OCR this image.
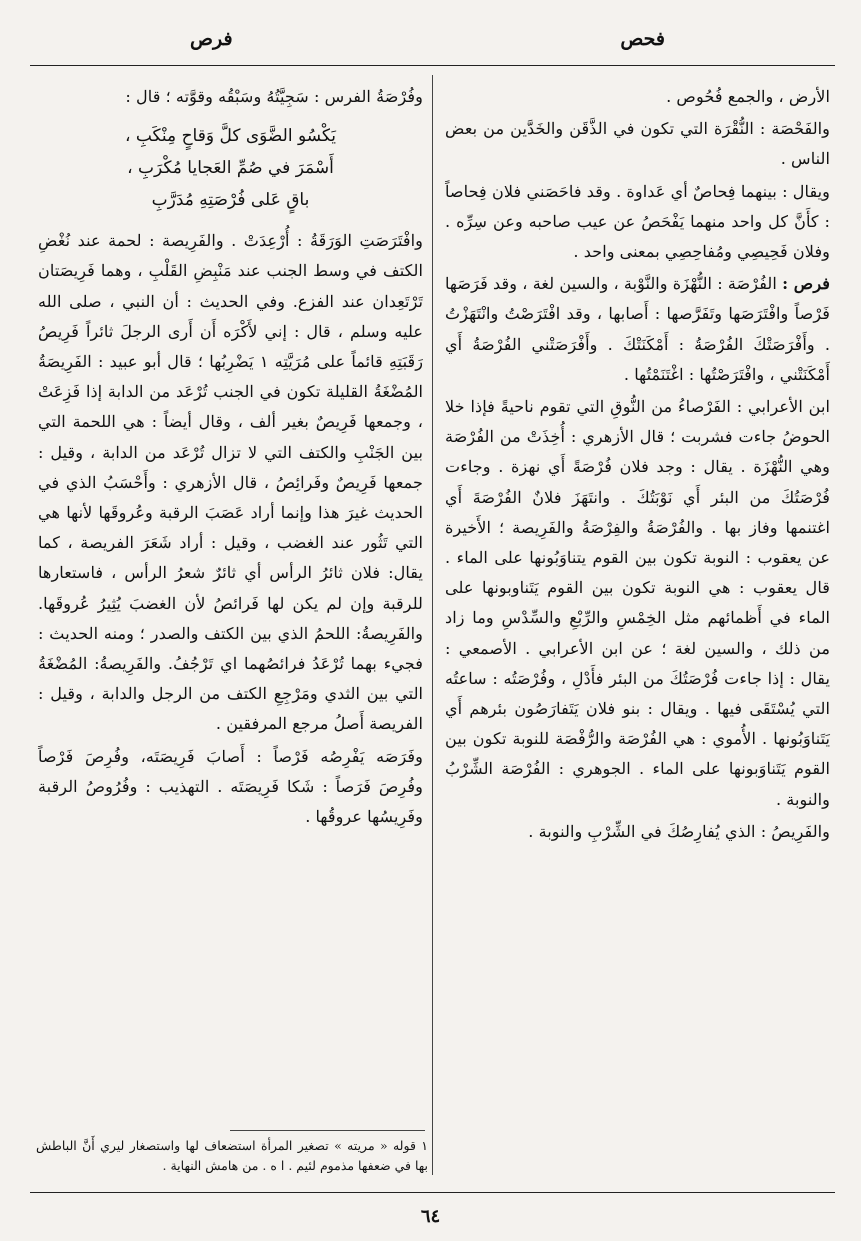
فحص
فرص

الأرض ، والجمع فُحُوص .

والفَحْصَة : النُّقْرَة التي تكون في الذَّقَن والخَدَّين من بعض الناس .

ويقال : بينهما فِحاصٌ أي عَداوة . وقد فاحَصَني فلان فِحاصاً : كأَنَّ كل واحد منهما يَفْحَصُ عن عيب صاحبه وعن سِرِّه . وفلان فَحِيصِي ومُفاحِصِي بمعنى واحد .

فرص : الفُرْصَة : النُّهْزَة والنَّوْبة ، والسين لغة ، وقد فَرَصَها فَرْصاً وافْتَرَصَها وتَفَرَّصها : أَصابها ، وقد افْتَرَصْتُ وانْتَهَزْتُ . وأَفْرَصَتْكَ الفُرْصَةُ : أَمْكَنَتْكَ . وأَفْرَصَتْني الفُرْصَةُ أَي أَمْكَنَتْني ، وافْتَرَصْتُها : اغْتَنَمْتُها .

ابن الأعرابي : الفَرْصاءُ من النُّوقِ التي تقوم ناحيةً فإذا خلا الحوضُ جاءت فشربت ؛ قال الأزهري : أُخِذَتْ من الفُرْصَة وهي النُّهْزَة . يقال : وجد فلان فُرْصَةً أَي نهزة . وجاءت فُرْصَتُكَ من البئر أَي نَوْبَتُكَ . وانتَهَزَ فلانٌ الفُرْصَةَ أَي اغتنمها وفاز بها . والفُرْصَةُ والفِرْصَةُ والفَرِيصة ؛ الأَخيرة عن يعقوب : النوبة تكون بين القوم يتناوَبُونها على الماء . قال يعقوب : هي النوبة تكون بين القوم يَتَناوبونها على الماء في أَظمائهم مثل الخِمْسِ والرِّبْعِ والسِّدْسِ وما زاد من ذلك ، والسين لغة ؛ عن ابن الأعرابي . الأصمعي : يقال : إذا جاءت فُرْصَتُكَ من البئر فأَدْلِ ، وفُرْصَتُه : ساعتُه التي يُسْتَقَى فيها . ويقال : بنو فلان يَتَفارَصُون بئرهم أَي يَتَناوَبُونها . الأُموي : هي الفُرْصَة والرُّفْصَة للنوبة تكون بين القوم يَتَناوَبونها على الماء . الجوهري : الفُرْصَة الشِّرْبُ والنوبة .

والفَرِيصُ : الذي يُفارِصُكَ في الشِّرْبِ والنوبة .

وفُرْصَةُ الفرس : سَجِيَّتُهُ وسَبْقُه وقوَّته ؛ قال :

يَكْسُو الضَّوَى كلَّ وَقاحٍ مِنْكَبِ ،
أَسْمَرَ في صُمِّ العَجايا مُكْرَبِ ،
باقٍ عَلى فُرْصَتِهِ مُدَرَّبِ

وافْتَرَصَتِ الوَرَقَةُ : أُرْعِدَتْ . والفَرِيصة : لحمة عند نُغْضِ الكتف في وسط الجنب عند مَنْبِضِ القَلْبِ ، وهما فَرِيصَتان تَرْتَعِدان عند الفزع. وفي الحديث : أن النبي ، صلى الله عليه وسلم ، قال : إني لأَكْرَه أَن أَرى الرجلَ ثائراً فَرِيصُ رَقَبَتِهِ قائماً على مُرَيَّتِه ١ يَضْرِبُها ؛ قال أبو عبيد : الفَرِيصَةُ المُضْغَةُ القليلة تكون في الجنب تُرْعَد من الدابة إذا فَزِعَتْ ، وجمعها فَرِيصٌ بغير ألف ، وقال أيضاً : هي اللحمة التي بين الجَنْبِ والكتف التي لا تزال تُرْعَد من الدابة ، وقيل : جمعها فَرِيصٌ وفَرائِصُ ، قال الأزهري : وأَحْسَبُ الذي في الحديث غيرَ هذا وإنما أراد عَصَبَ الرقبة وعُروقَها لأنها هي التي تَثُور عند الغضب ، وقيل : أراد شَعَرَ الفريصة ، كما يقال: فلان ثائرُ الرأس أي ثائرٌ شعرُ الرأس ، فاستعارها للرقبة وإن لم يكن لها فَرائصُ لأن الغضبَ يُثِيرُ عُروقَها. والفَرِيصةُ: اللحمُ الذي بين الكتف والصدر ؛ ومنه الحديث : فجيء بهما تُرْعَدُ فرائصُهما اي تَرْجُفُ. والفَرِيصةُ: المُضْغَةُ التي بين الثدي ومَرْجِعِ الكتف من الرجل والدابة ، وقيل : الفريصة أَصلُ مرجع المرفقين .

وفَرَصَه يَفْرِصُه فَرْصاً : أَصابَ فَرِيصَتَه، وفُرِصَ فَرْصاً وفُرِصَ فَرَصاً : شَكا فَرِيصَتَه . التهذيب : وفُرُوصُ الرقبة وفَرِيسُها عروقُها .

١ قوله « مريته » تصغير المرأة استضعاف لها واستصغار ليري أَنَّ الباطش بها في ضعفها مذموم لئيم . ا ه . من هامش النهاية .
٦٤
